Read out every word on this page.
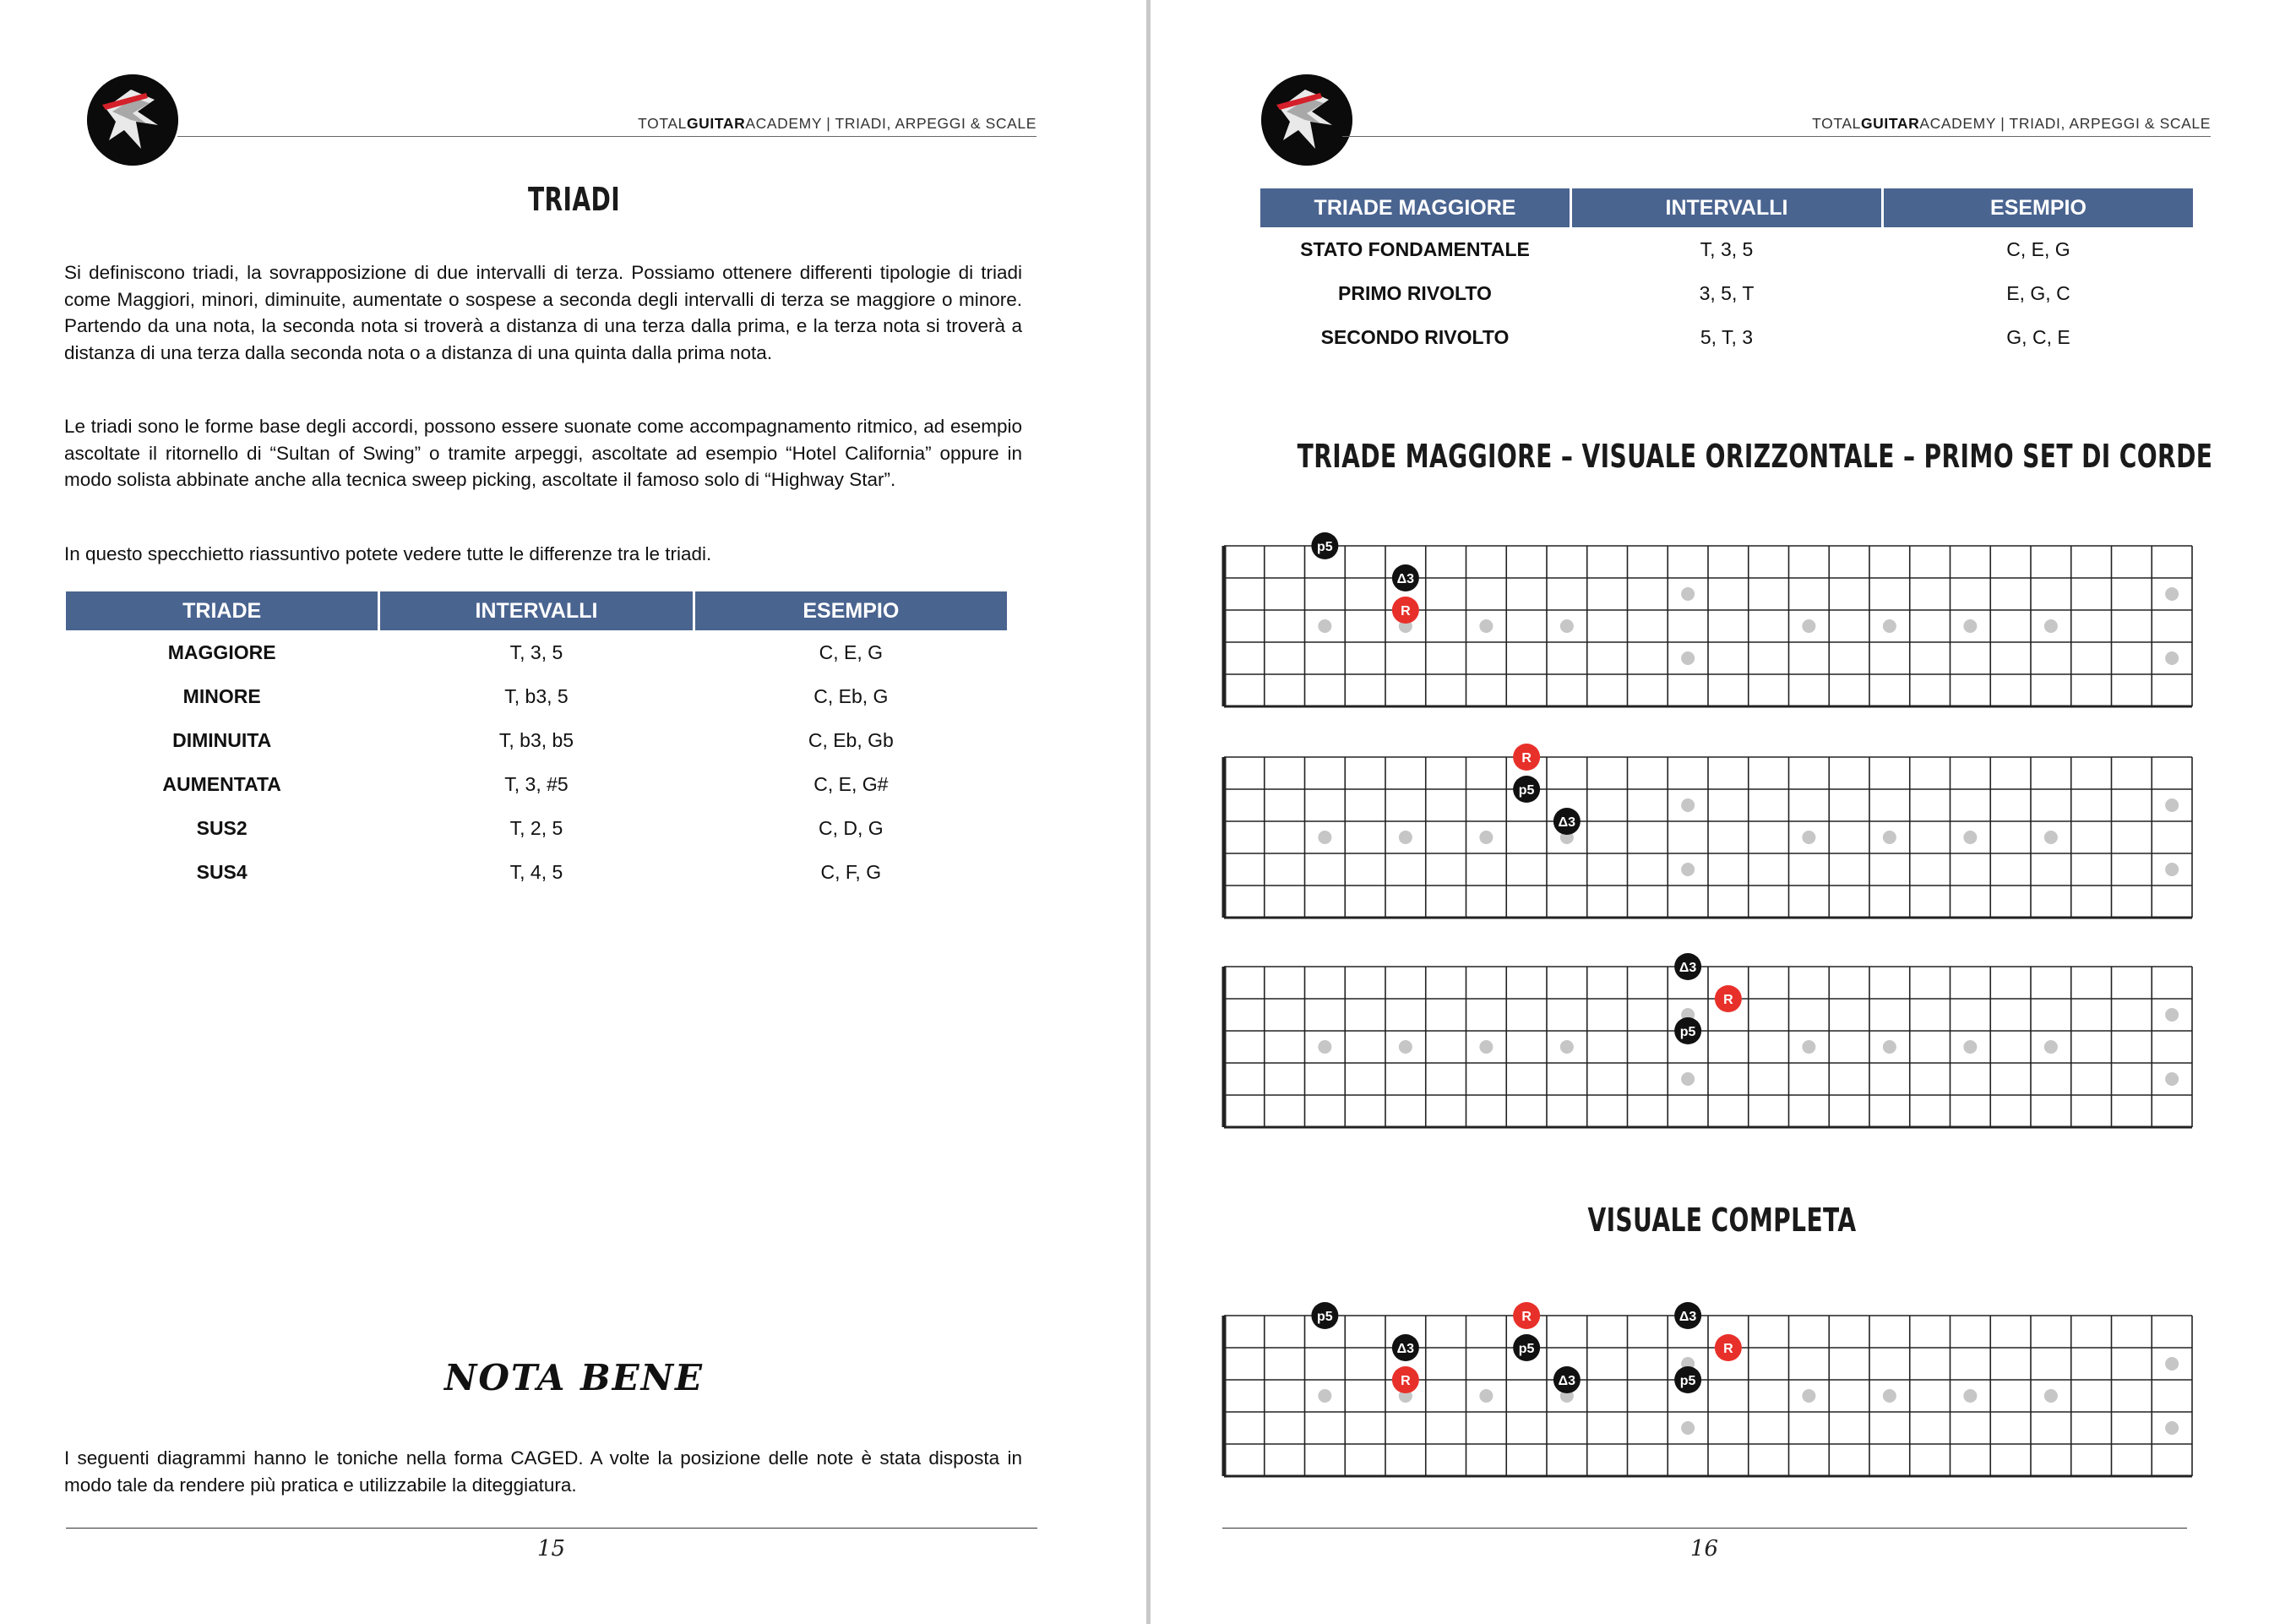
TOTALGUITARACADEMY | TRIADI, ARPEGGI & SCALE
TRIADI

Si definiscono triadi, la sovrapposizione di due intervalli di terza. Possiamo ottenere differenti tipologie di triadi come Maggiori, minori, diminuite, aumentate o sospese a seconda degli intervalli di terza se maggiore o minore. Partendo da una nota, la seconda nota si troverà a distanza di una terza dalla prima, e la terza nota si troverà a distanza di una terza dalla seconda nota o a distanza di una quinta dalla prima nota.

Le triadi sono le forme base degli accordi, possono essere suonate come accompagnamento ritmico, ad esempio ascoltate il ritornello di “Sultan of Swing” o tramite arpeggi, ascoltate ad esempio “Hotel California” oppure in modo solista abbinate anche alla tecnica sweep picking, ascoltate il famoso solo di “Highway Star”.

In questo specchietto riassuntivo potete vedere tutte le differenze tra le triadi.

TRIADE	INTERVALLI	ESEMPIO
MAGGIORE	T, 3, 5	C, E, G
MINORE	T, b3, 5	C, Eb, G
DIMINUITA	T, b3, b5	C, Eb, Gb
AUMENTATA	T, 3, #5	C, E, G#
SUS2	T, 2, 5	C, D, G
SUS4	T, 4, 5	C, F, G
NOTA BENE

I seguenti diagrammi hanno le toniche nella forma CAGED. A volte la posizione delle note è stata disposta in modo tale da rendere più pratica e utilizzabile la diteggiatura.

15
TOTALGUITARACADEMY | TRIADI, ARPEGGI & SCALE
TRIADE MAGGIORE	INTERVALLI	ESEMPIO
STATO FONDAMENTALE	T, 3, 5	C, E, G
PRIMO RIVOLTO	3, 5, T	E, G, C
SECONDO RIVOLTO	5, T, 3	G, C, E
TRIADE MAGGIORE – VISUALE ORIZZONTALE – PRIMO SET DI CORDE
VISUALE COMPLETA
16
p5
Δ3
R
R
p5
Δ3
Δ3
R
p5
p5
Δ3
R
R
p5
Δ3
Δ3
R
p5
